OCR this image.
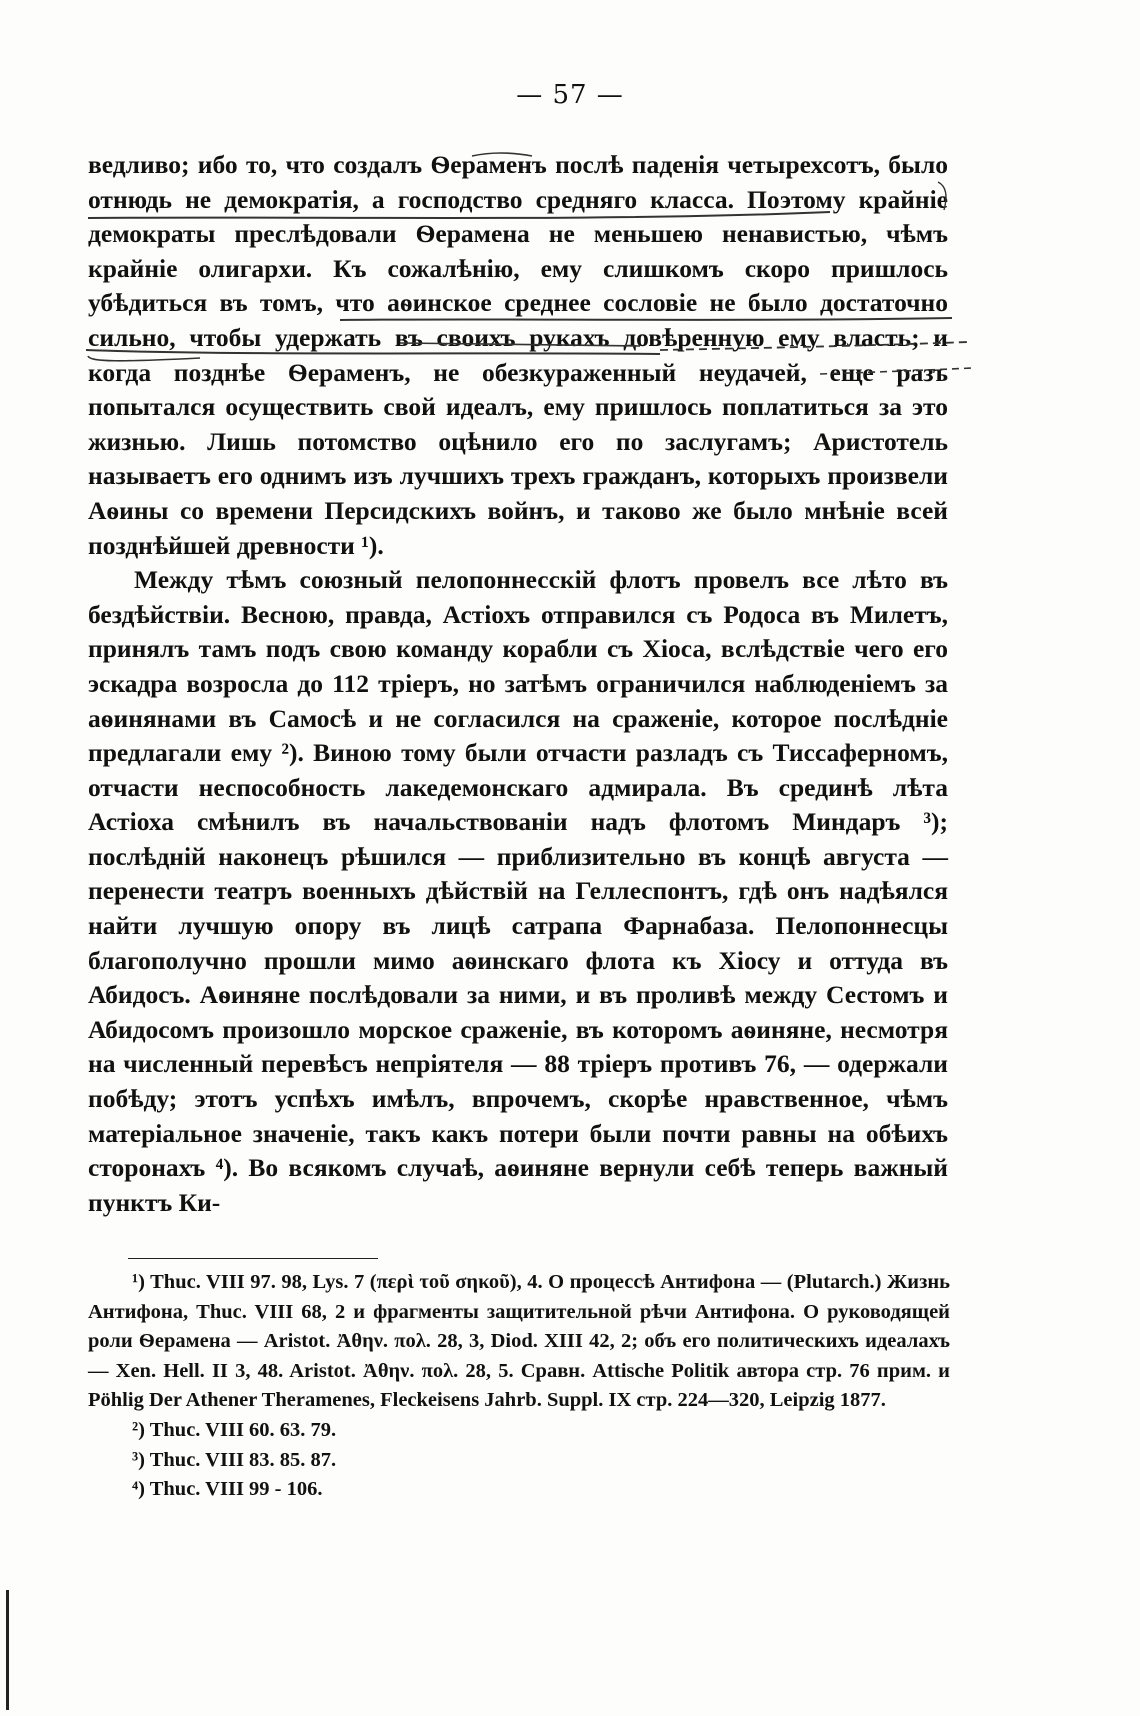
— 57 —

ведливо; ибо то, что создалъ Ѳераменъ послѣ паденія четырехсотъ, было отнюдь не демократія, а господство средняго класса. Поэтому крайніе демократы преслѣдовали Ѳерамена не меньшею ненавистью, чѣмъ крайніе олигархи. Къ сожалѣнію, ему слишкомъ скоро пришлось убѣдиться въ томъ, что аѳинское среднее сословіе не было достаточно сильно, чтобы удержать въ своихъ рукахъ довѣренную ему власть; и когда позднѣе Ѳераменъ, не обезкураженный неудачей, еще разъ попытался осуществить свой идеалъ, ему пришлось поплатиться за это жизнью. Лишь потомство оцѣнило его по заслугамъ; Аристотель называетъ его однимъ изъ лучшихъ трехъ гражданъ, которыхъ произвели Аѳины со времени Персидскихъ войнъ, и таково же было мнѣніе всей позднѣйшей древности ¹).

Между тѣмъ союзный пелопоннесскій флотъ провелъ все лѣто въ бездѣйствіи. Весною, правда, Астіохъ отправился съ Родоса въ Милетъ, принялъ тамъ подъ свою команду корабли съ Хіоса, вслѣдствіе чего его эскадра возросла до 112 тріеръ, но затѣмъ ограничился наблюденіемъ за аѳинянами въ Самосѣ и не согласился на сраженіе, которое послѣдніе предлагали ему ²). Виною тому были отчасти разладъ съ Тиссаферномъ, отчасти неспособность лакедемонскаго адмирала. Въ срединѣ лѣта Астіоха смѣнилъ въ начальствованіи надъ флотомъ Миндаръ ³); послѣдній наконецъ рѣшился — приблизительно въ концѣ августа — перенести театръ военныхъ дѣйствій на Геллеспонтъ, гдѣ онъ надѣялся найти лучшую опору въ лицѣ сатрапа Фарнабаза. Пелопоннесцы благополучно прошли мимо аѳинскаго флота къ Хіосу и оттуда въ Абидосъ. Аѳиняне послѣдовали за ними, и въ проливѣ между Сестомъ и Абидосомъ произошло морское сраженіе, въ которомъ аѳиняне, несмотря на численный перевѣсъ непріятеля — 88 тріеръ противъ 76, — одержали побѣду; этотъ успѣхъ имѣлъ, впрочемъ, скорѣе нравственное, чѣмъ матеріальное значеніе, такъ какъ потери были почти равны на обѣихъ сторонахъ ⁴). Во всякомъ случаѣ, аѳиняне вернули себѣ теперь важный пунктъ Ки-

¹) Thuc. VIII 97. 98, Lys. 7 (περὶ τοῦ σηκοῦ), 4. О процессѣ Антифона — (Plutarch.) Жизнь Антифона, Thuc. VIII 68, 2 и фрагменты защитительной рѣчи Антифона. О руководящей роли Ѳерамена — Aristot. Ἀθην. πολ. 28, 3, Diod. XIII 42, 2; объ его политическихъ идеалахъ — Xen. Hell. II 3, 48. Aristot. Ἀθην. πολ. 28, 5. Сравн. Attische Politik автора стр. 76 прим. и Pöhlig Der Athener Theramenes, Fleckeisens Jahrb. Suppl. IX стр. 224—320, Leipzig 1877.

²) Thuc. VIII 60. 63. 79.

³) Thuc. VIII 83. 85. 87.

⁴) Thuc. VIII 99 - 106.
